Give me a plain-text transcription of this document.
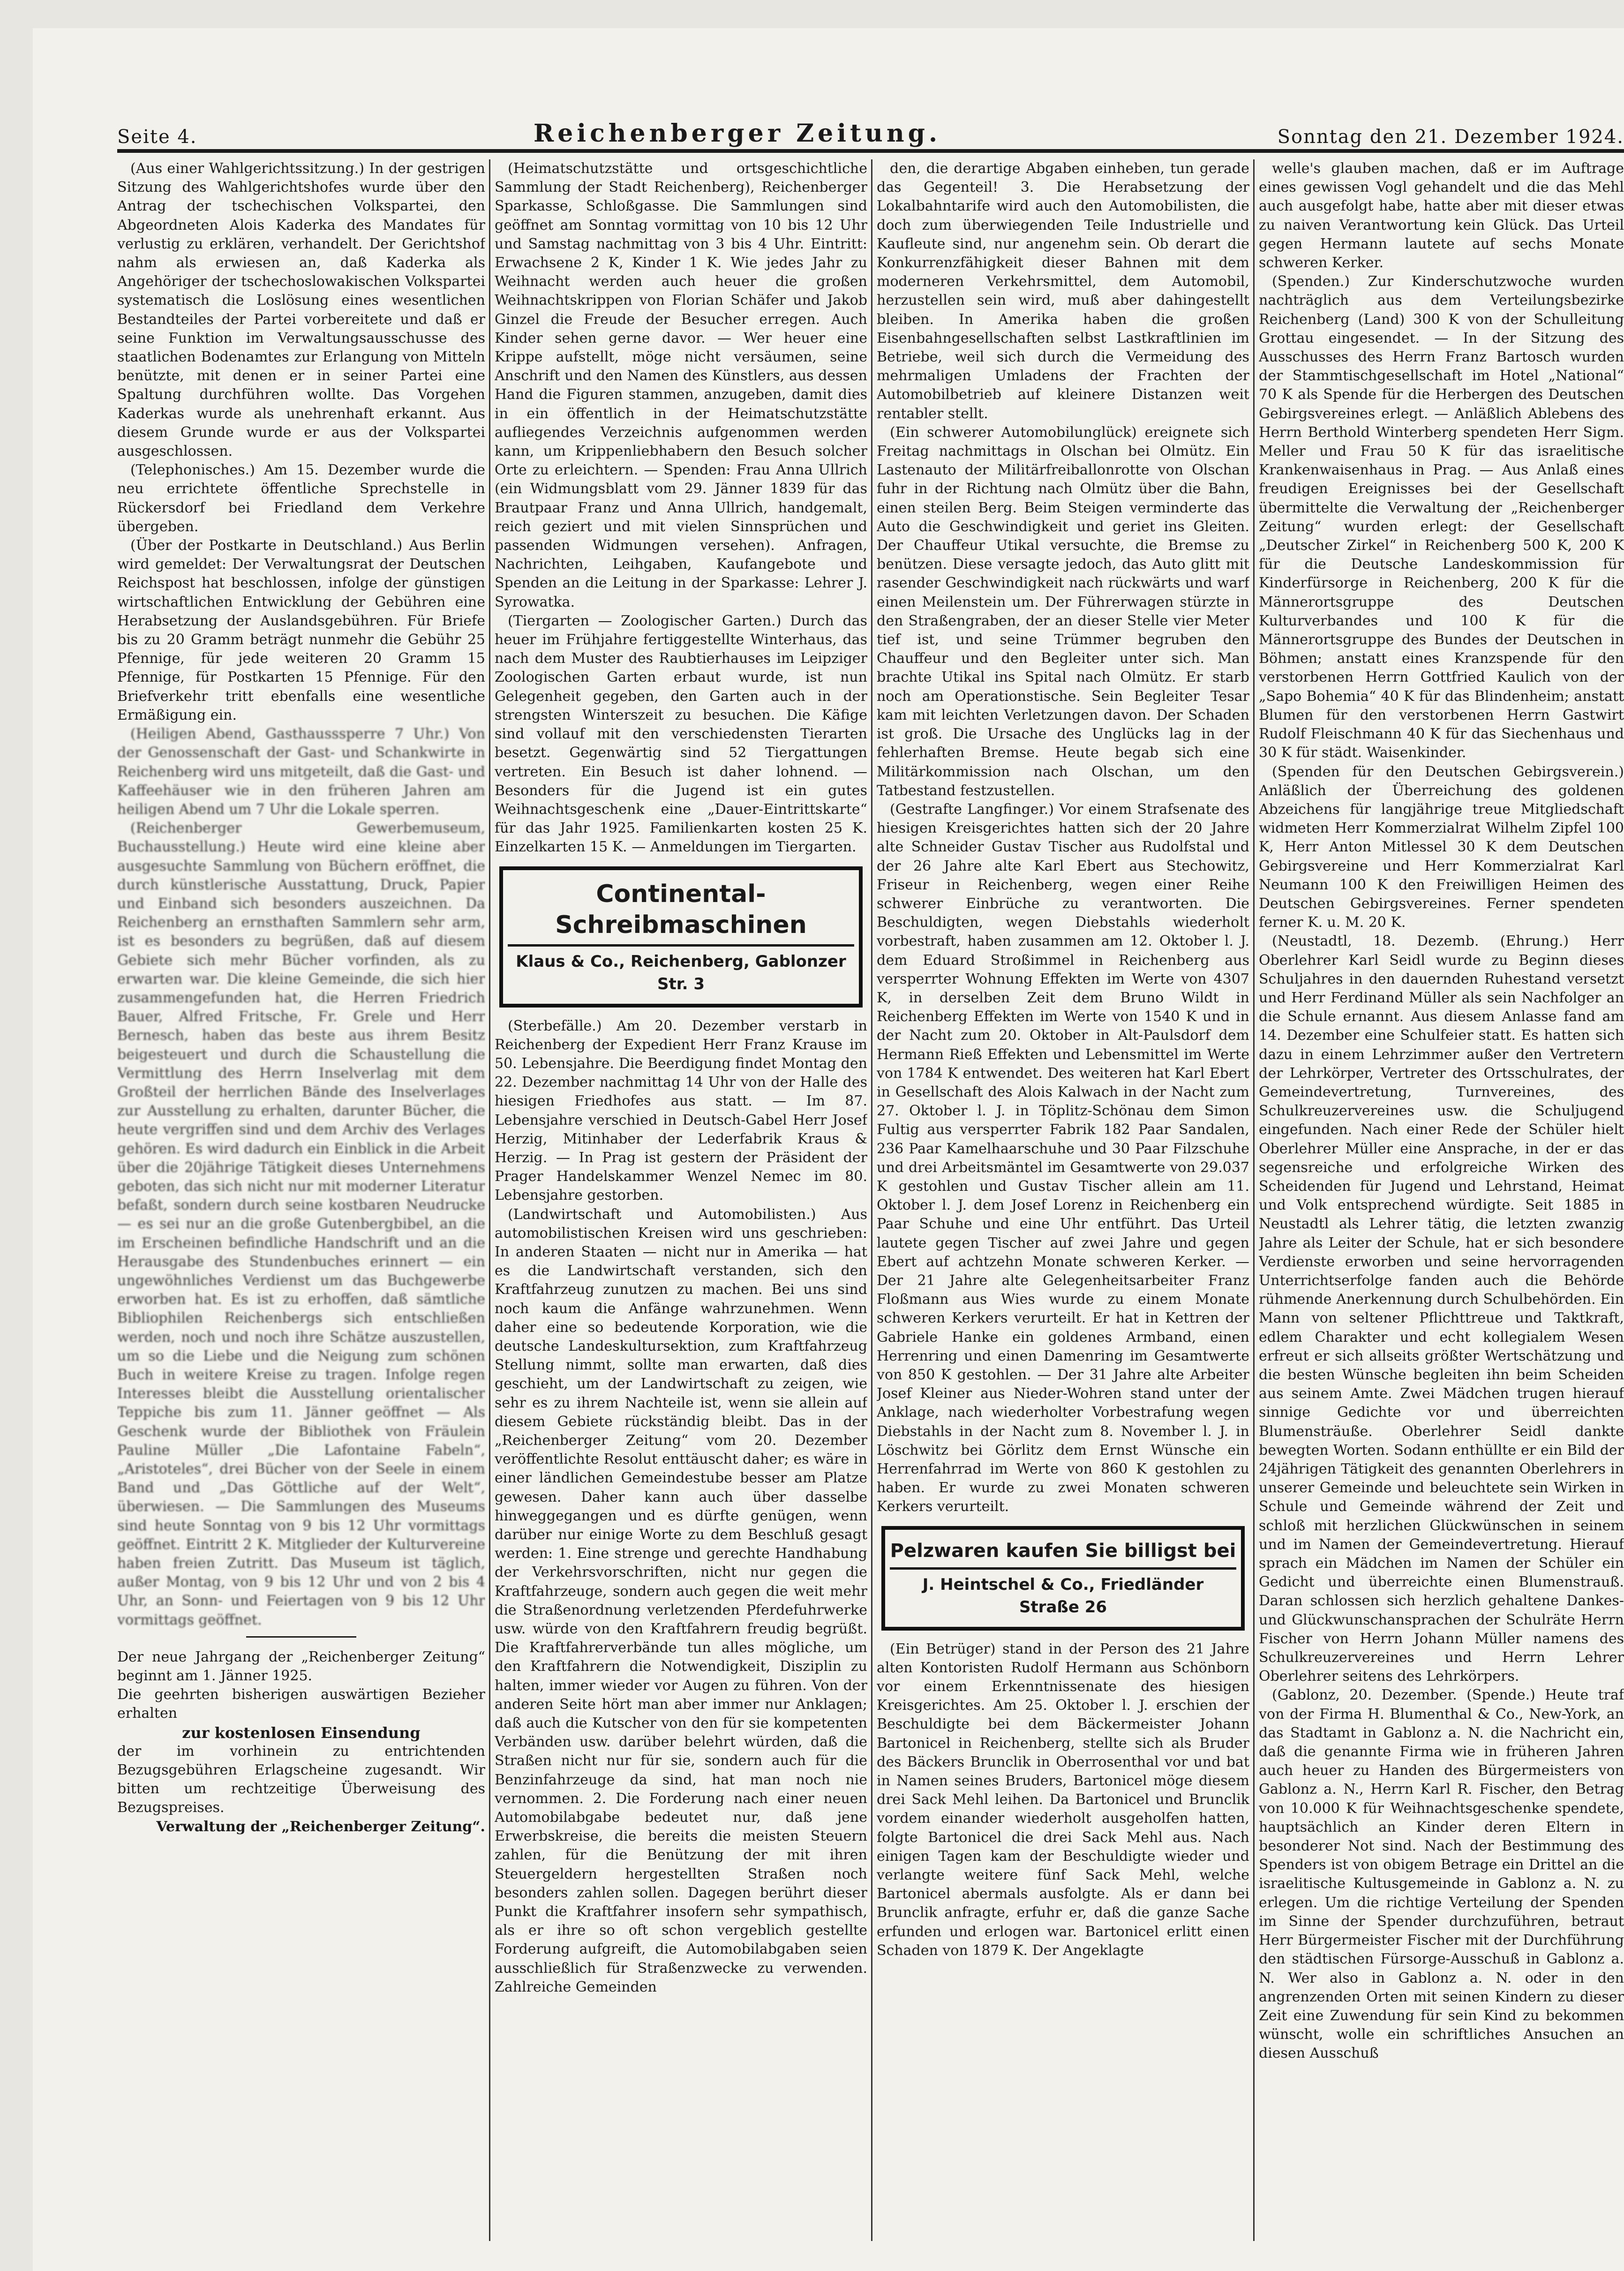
Seite 4.	Reichenberger Zeitung.	Sonntag den 21. Dezember 1924.

(Aus einer Wahlgerichtssitzung.) In der gestrigen Sitzung des Wahlgerichtshofes wurde über den Antrag der tschechischen Volkspartei, den Abgeordneten Alois Kaderka des Mandates für verlustig zu erklären, verhandelt. Der Gerichtshof nahm als erwiesen an, daß Kaderka als Angehöriger der tschechoslowakischen Volkspartei systematisch die Loslösung eines wesentlichen Bestandteiles der Partei vorbereitete und daß er seine Funktion im Verwaltungsausschusse des staatlichen Bodenamtes zur Erlangung von Mitteln benützte, mit denen er in seiner Partei eine Spaltung durchführen wollte. Das Vorgehen Kaderkas wurde als unehrenhaft erkannt. Aus diesem Grunde wurde er aus der Volkspartei ausgeschlossen.

(Telephonisches.) Am 15. Dezember wurde die neu errichtete öffentliche Sprechstelle in Rückersdorf bei Friedland dem Verkehre übergeben.

(Über der Postkarte in Deutschland.) Aus Berlin wird gemeldet: Der Verwaltungsrat der Deutschen Reichspost hat beschlossen, infolge der günstigen wirtschaftlichen Entwicklung der Gebühren eine Herabsetzung der Auslandsgebühren. Für Briefe bis zu 20 Gramm beträgt nunmehr die Gebühr 25 Pfennige, für jede weiteren 20 Gramm 15 Pfennige, für Postkarten 15 Pfennige. Für den Briefverkehr tritt ebenfalls eine wesentliche Ermäßigung ein.

(Heiligen Abend, Gasthausssperre 7 Uhr.) Von der Genossenschaft der Gast- und Schankwirte in Reichenberg wird uns mitgeteilt, daß die Gast- und Kaffeehäuser wie in den früheren Jahren am heiligen Abend um 7 Uhr die Lokale sperren.

(Reichenberger Gewerbemuseum, Buchausstellung.) Heute wird eine kleine aber ausgesuchte Sammlung von Büchern eröffnet, die durch künstlerische Ausstattung, Druck, Papier und Einband sich besonders auszeichnen. Da Reichenberg an ernsthaften Sammlern sehr arm, ist es besonders zu begrüßen, daß auf diesem Gebiete sich mehr Bücher vorfinden, als zu erwarten war. Die kleine Gemeinde, die sich hier zusammengefunden hat, die Herren Friedrich Bauer, Alfred Fritsche, Fr. Grele und Herr Bernesch, haben das beste aus ihrem Besitz beigesteuert und durch die Schaustellung die Vermittlung des Herrn Inselverlag mit dem Großteil der herrlichen Bände des Inselverlages zur Ausstellung zu erhalten, darunter Bücher, die heute vergriffen sind und dem Archiv des Verlages gehören. Es wird dadurch ein Einblick in die Arbeit über die 20jährige Tätigkeit dieses Unternehmens geboten, das sich nicht nur mit moderner Literatur befaßt, sondern durch seine kostbaren Neudrucke — es sei nur an die große Gutenbergbibel, an die im Erscheinen befindliche Handschrift und an die Herausgabe des Stundenbuches erinnert — ein ungewöhnliches Verdienst um das Buchgewerbe erworben hat. Es ist zu erhoffen, daß sämtliche Bibliophilen Reichenbergs sich entschließen werden, noch und noch ihre Schätze auszustellen, um so die Liebe und die Neigung zum schönen Buch in weitere Kreise zu tragen. Infolge regen Interesses bleibt die Ausstellung orientalischer Teppiche bis zum 11. Jänner geöffnet — Als Geschenk wurde der Bibliothek von Fräulein Pauline Müller „Die Lafontaine Fabeln“, „Aristoteles“, drei Bücher von der Seele in einem Band und „Das Göttliche auf der Welt“, überwiesen. — Die Sammlungen des Museums sind heute Sonntag von 9 bis 12 Uhr vormittags geöffnet. Eintritt 2 K. Mitglieder der Kulturvereine haben freien Zutritt. Das Museum ist täglich, außer Montag, von 9 bis 12 Uhr und von 2 bis 4 Uhr, an Sonn- und Feiertagen von 9 bis 12 Uhr vormittags geöffnet.

Der neue Jahrgang der „Reichenberger Zeitung“ beginnt am 1. Jänner 1925.

Die geehrten bisherigen auswärtigen Bezieher erhalten

zur kostenlosen Einsendung

der im vorhinein zu entrichtenden Bezugsgebühren Erlagscheine zugesandt. Wir bitten um rechtzeitige Überweisung des Bezugspreises.

Verwaltung der „Reichenberger Zeitung“.

(Heimatschutzstätte und ortsgeschichtliche Sammlung der Stadt Reichenberg), Reichenberger Sparkasse, Schloßgasse. Die Sammlungen sind geöffnet am Sonntag vormittag von 10 bis 12 Uhr und Samstag nachmittag von 3 bis 4 Uhr. Eintritt: Erwachsene 2 K, Kinder 1 K. Wie jedes Jahr zu Weihnacht werden auch heuer die großen Weihnachtskrippen von Florian Schäfer und Jakob Ginzel die Freude der Besucher erregen. Auch Kinder sehen gerne davor. — Wer heuer eine Krippe aufstellt, möge nicht versäumen, seine Anschrift und den Namen des Künstlers, aus dessen Hand die Figuren stammen, anzugeben, damit dies in ein öffentlich in der Heimatschutzstätte aufliegendes Verzeichnis aufgenommen werden kann, um Krippenliebhabern den Besuch solcher Orte zu erleichtern. — Spenden: Frau Anna Ullrich (ein Widmungsblatt vom 29. Jänner 1839 für das Brautpaar Franz und Anna Ullrich, handgemalt, reich geziert und mit vielen Sinnsprüchen und passenden Widmungen versehen). Anfragen, Nachrichten, Leihgaben, Kaufangebote und Spenden an die Leitung in der Sparkasse: Lehrer J. Syrowatka.

(Tiergarten — Zoologischer Garten.) Durch das heuer im Frühjahre fertiggestellte Winterhaus, das nach dem Muster des Raubtierhauses im Leipziger Zoologischen Garten erbaut wurde, ist nun Gelegenheit gegeben, den Garten auch in der strengsten Winterszeit zu besuchen. Die Käfige sind vollauf mit den verschiedensten Tierarten besetzt. Gegenwärtig sind 52 Tiergattungen vertreten. Ein Besuch ist daher lohnend. — Besonders für die Jugend ist ein gutes Weihnachtsgeschenk eine „Dauer-Eintrittskarte“ für das Jahr 1925. Familienkarten kosten 25 K. Einzelkarten 15 K. — Anmeldungen im Tiergarten.

Continental-Schreibmaschinen
Klaus & Co., Reichenberg, Gablonzer Str. 3

(Sterbefälle.) Am 20. Dezember verstarb in Reichenberg der Expedient Herr Franz Krause im 50. Lebensjahre. Die Beerdigung findet Montag den 22. Dezember nachmittag 14 Uhr von der Halle des hiesigen Friedhofes aus statt. — Im 87. Lebensjahre verschied in Deutsch-Gabel Herr Josef Herzig, Mitinhaber der Lederfabrik Kraus & Herzig. — In Prag ist gestern der Präsident der Prager Handelskammer Wenzel Nemec im 80. Lebensjahre gestorben.

(Landwirtschaft und Automobilisten.) Aus automobilistischen Kreisen wird uns geschrieben: In anderen Staaten — nicht nur in Amerika — hat es die Landwirtschaft verstanden, sich den Kraftfahrzeug zunutzen zu machen. Bei uns sind noch kaum die Anfänge wahrzunehmen. Wenn daher eine so bedeutende Korporation, wie die deutsche Landeskultursektion, zum Kraftfahrzeug Stellung nimmt, sollte man erwarten, daß dies geschieht, um der Landwirtschaft zu zeigen, wie sehr es zu ihrem Nachteile ist, wenn sie allein auf diesem Gebiete rückständig bleibt. Das in der „Reichenberger Zeitung“ vom 20. Dezember veröffentlichte Resolut enttäuscht daher; es wäre in einer ländlichen Gemeindestube besser am Platze gewesen. Daher kann auch über dasselbe hinweggegangen und es dürfte genügen, wenn darüber nur einige Worte zu dem Beschluß gesagt werden: 1. Eine strenge und gerechte Handhabung der Verkehrsvorschriften, nicht nur gegen die Kraftfahrzeuge, sondern auch gegen die weit mehr die Straßenordnung verletzenden Pferdefuhrwerke usw. würde von den Kraftfahrern freudig begrüßt. Die Kraftfahrerverbände tun alles mögliche, um den Kraftfahrern die Notwendigkeit, Disziplin zu halten, immer wieder vor Augen zu führen. Von der anderen Seite hört man aber immer nur Anklagen; daß auch die Kutscher von den für sie kompetenten Verbänden usw. darüber belehrt würden, daß die Straßen nicht nur für sie, sondern auch für die Benzinfahrzeuge da sind, hat man noch nie vernommen. 2. Die Forderung nach einer neuen Automobilabgabe bedeutet nur, daß jene Erwerbskreise, die bereits die meisten Steuern zahlen, für die Benützung der mit ihren Steuergeldern hergestellten Straßen noch besonders zahlen sollen. Dagegen berührt dieser Punkt die Kraftfahrer insofern sehr sympathisch, als er ihre so oft schon vergeblich gestellte Forderung aufgreift, die Automobilabgaben seien ausschließlich für Straßenzwecke zu verwenden. Zahlreiche Gemeinden

den, die derartige Abgaben einheben, tun gerade das Gegenteil! 3. Die Herabsetzung der Lokalbahntarife wird auch den Automobilisten, die doch zum überwiegenden Teile Industrielle und Kaufleute sind, nur angenehm sein. Ob derart die Konkurrenzfähigkeit dieser Bahnen mit dem moderneren Verkehrsmittel, dem Automobil, herzustellen sein wird, muß aber dahingestellt bleiben. In Amerika haben die großen Eisenbahngesellschaften selbst Lastkraftlinien im Betriebe, weil sich durch die Vermeidung des mehrmaligen Umladens der Frachten der Automobilbetrieb auf kleinere Distanzen weit rentabler stellt.

(Ein schwerer Automobilunglück) ereignete sich Freitag nachmittags in Olschan bei Olmütz. Ein Lastenauto der Militärfreiballonrotte von Olschan fuhr in der Richtung nach Olmütz über die Bahn, einen steilen Berg. Beim Steigen verminderte das Auto die Geschwindigkeit und geriet ins Gleiten. Der Chauffeur Utikal versuchte, die Bremse zu benützen. Diese versagte jedoch, das Auto glitt mit rasender Geschwindigkeit nach rückwärts und warf einen Meilenstein um. Der Führerwagen stürzte in den Straßengraben, der an dieser Stelle vier Meter tief ist, und seine Trümmer begruben den Chauffeur und den Begleiter unter sich. Man brachte Utikal ins Spital nach Olmütz. Er starb noch am Operationstische. Sein Begleiter Tesar kam mit leichten Verletzungen davon. Der Schaden ist groß. Die Ursache des Unglücks lag in der fehlerhaften Bremse. Heute begab sich eine Militärkommission nach Olschan, um den Tatbestand festzustellen.

(Gestrafte Langfinger.) Vor einem Strafsenate des hiesigen Kreisgerichtes hatten sich der 20 Jahre alte Schneider Gustav Tischer aus Rudolfstal und der 26 Jahre alte Karl Ebert aus Stechowitz, Friseur in Reichenberg, wegen einer Reihe schwerer Einbrüche zu verantworten. Die Beschuldigten, wegen Diebstahls wiederholt vorbestraft, haben zusammen am 12. Oktober l. J. dem Eduard Stroßimmel in Reichenberg aus versperrter Wohnung Effekten im Werte von 4307 K, in derselben Zeit dem Bruno Wildt in Reichenberg Effekten im Werte von 1540 K und in der Nacht zum 20. Oktober in Alt-Paulsdorf dem Hermann Rieß Effekten und Lebensmittel im Werte von 1784 K entwendet. Des weiteren hat Karl Ebert in Gesellschaft des Alois Kalwach in der Nacht zum 27. Oktober l. J. in Töplitz-Schönau dem Simon Fultig aus versperrter Fabrik 182 Paar Sandalen, 236 Paar Kamelhaarschuhe und 30 Paar Filzschuhe und drei Arbeitsmäntel im Gesamtwerte von 29.037 K gestohlen und Gustav Tischer allein am 11. Oktober l. J. dem Josef Lorenz in Reichenberg ein Paar Schuhe und eine Uhr entführt. Das Urteil lautete gegen Tischer auf zwei Jahre und gegen Ebert auf achtzehn Monate schweren Kerker. — Der 21 Jahre alte Gelegenheitsarbeiter Franz Floßmann aus Wies wurde zu einem Monate schweren Kerkers verurteilt. Er hat in Kettren der Gabriele Hanke ein goldenes Armband, einen Herrenring und einen Damenring im Gesamtwerte von 850 K gestohlen. — Der 31 Jahre alte Arbeiter Josef Kleiner aus Nieder-Wohren stand unter der Anklage, nach wiederholter Vorbestrafung wegen Diebstahls in der Nacht zum 8. November l. J. in Löschwitz bei Görlitz dem Ernst Wünsche ein Herrenfahrrad im Werte von 860 K gestohlen zu haben. Er wurde zu zwei Monaten schweren Kerkers verurteilt.

Pelzwaren kaufen Sie billigst bei
J. Heintschel & Co., Friedländer Straße 26

(Ein Betrüger) stand in der Person des 21 Jahre alten Kontoristen Rudolf Hermann aus Schönborn vor einem Erkenntnissenate des hiesigen Kreisgerichtes. Am 25. Oktober l. J. erschien der Beschuldigte bei dem Bäckermeister Johann Bartonicel in Reichenberg, stellte sich als Bruder des Bäckers Brunclik in Oberrosenthal vor und bat in Namen seines Bruders, Bartonicel möge diesem drei Sack Mehl leihen. Da Bartonicel und Brunclik vordem einander wiederholt ausgeholfen hatten, folgte Bartonicel die drei Sack Mehl aus. Nach einigen Tagen kam der Beschuldigte wieder und verlangte weitere fünf Sack Mehl, welche Bartonicel abermals ausfolgte. Als er dann bei Brunclik anfragte, erfuhr er, daß die ganze Sache erfunden und erlogen war. Bartonicel erlitt einen Schaden von 1879 K. Der Angeklagte

welle's glauben machen, daß er im Auftrage eines gewissen Vogl gehandelt und die das Mehl auch ausgefolgt habe, hatte aber mit dieser etwas zu naiven Verantwortung kein Glück. Das Urteil gegen Hermann lautete auf sechs Monate schweren Kerker.

(Spenden.) Zur Kinderschutzwoche wurden nachträglich aus dem Verteilungsbezirke Reichenberg (Land) 300 K von der Schulleitung Grottau eingesendet. — In der Sitzung des Ausschusses des Herrn Franz Bartosch wurden der Stammtischgesellschaft im Hotel „National“ 70 K als Spende für die Herbergen des Deutschen Gebirgsvereines erlegt. — Anläßlich Ablebens des Herrn Berthold Winterberg spendeten Herr Sigm. Meller und Frau 50 K für das israelitische Krankenwaisenhaus in Prag. — Aus Anlaß eines freudigen Ereignisses bei der Gesellschaft übermittelte die Verwaltung der „Reichenberger Zeitung“ wurden erlegt: der Gesellschaft „Deutscher Zirkel“ in Reichenberg 500 K, 200 K für die Deutsche Landeskommission für Kinderfürsorge in Reichenberg, 200 K für die Männerortsgruppe des Deutschen Kulturverbandes und 100 K für die Männerortsgruppe des Bundes der Deutschen in Böhmen; anstatt eines Kranzspende für den verstorbenen Herrn Gottfried Kaulich von der „Sapo Bohemia“ 40 K für das Blindenheim; anstatt Blumen für den verstorbenen Herrn Gastwirt Rudolf Fleischmann 40 K für das Siechenhaus und 30 K für städt. Waisenkinder.

(Spenden für den Deutschen Gebirgsverein.) Anläßlich der Überreichung des goldenen Abzeichens für langjährige treue Mitgliedschaft widmeten Herr Kommerzialrat Wilhelm Zipfel 100 K, Herr Anton Mitlessel 30 K dem Deutschen Gebirgsvereine und Herr Kommerzialrat Karl Neumann 100 K den Freiwilligen Heimen des Deutschen Gebirgsvereines. Ferner spendeten ferner K. u. M. 20 K.

(Neustadtl, 18. Dezemb. (Ehrung.) Herr Oberlehrer Karl Seidl wurde zu Beginn dieses Schuljahres in den dauernden Ruhestand versetzt und Herr Ferdinand Müller als sein Nachfolger an die Schule ernannt. Aus diesem Anlasse fand am 14. Dezember eine Schulfeier statt. Es hatten sich dazu in einem Lehrzimmer außer den Vertretern der Lehrkörper, Vertreter des Ortsschulrates, der Gemeindevertretung, Turnvereines, des Schulkreuzervereines usw. die Schuljugend eingefunden. Nach einer Rede der Schüler hielt Oberlehrer Müller eine Ansprache, in der er das segensreiche und erfolgreiche Wirken des Scheidenden für Jugend und Lehrstand, Heimat und Volk entsprechend würdigte. Seit 1885 in Neustadtl als Lehrer tätig, die letzten zwanzig Jahre als Leiter der Schule, hat er sich besondere Verdienste erworben und seine hervorragenden Unterrichtserfolge fanden auch die Behörde rühmende Anerkennung durch Schulbehörden. Ein Mann von seltener Pflichttreue und Taktkraft, edlem Charakter und echt kollegialem Wesen erfreut er sich allseits größter Wertschätzung und die besten Wünsche begleiten ihn beim Scheiden aus seinem Amte. Zwei Mädchen trugen hierauf sinnige Gedichte vor und überreichten Blumensträuße. Oberlehrer Seidl dankte bewegten Worten. Sodann enthüllte er ein Bild der 24jährigen Tätigkeit des genannten Oberlehrers in unserer Gemeinde und beleuchtete sein Wirken in Schule und Gemeinde während der Zeit und schloß mit herzlichen Glückwünschen in seinem und im Namen der Gemeindevertretung. Hierauf sprach ein Mädchen im Namen der Schüler ein Gedicht und überreichte einen Blumenstrauß. Daran schlossen sich herzlich gehaltene Dankes- und Glückwunschansprachen der Schulräte Herrn Fischer von Herrn Johann Müller namens des Schulkreuzervereines und Herrn Lehrer Oberlehrer seitens des Lehrkörpers.

(Gablonz, 20. Dezember. (Spende.) Heute traf von der Firma H. Blumenthal & Co., New-York, an das Stadtamt in Gablonz a. N. die Nachricht ein, daß die genannte Firma wie in früheren Jahren auch heuer zu Handen des Bürgermeisters von Gablonz a. N., Herrn Karl R. Fischer, den Betrag von 10.000 K für Weihnachtsgeschenke spendete, hauptsächlich an Kinder deren Eltern in besonderer Not sind. Nach der Bestimmung des Spenders ist von obigem Betrage ein Drittel an die israelitische Kultusgemeinde in Gablonz a. N. zu erlegen. Um die richtige Verteilung der Spenden im Sinne der Spender durchzuführen, betraut Herr Bürgermeister Fischer mit der Durchführung den städtischen Fürsorge-Ausschuß in Gablonz a. N. Wer also in Gablonz a. N. oder in den angrenzenden Orten mit seinen Kindern zu dieser Zeit eine Zuwendung für sein Kind zu bekommen wünscht, wolle ein schriftliches Ansuchen an diesen Ausschuß
